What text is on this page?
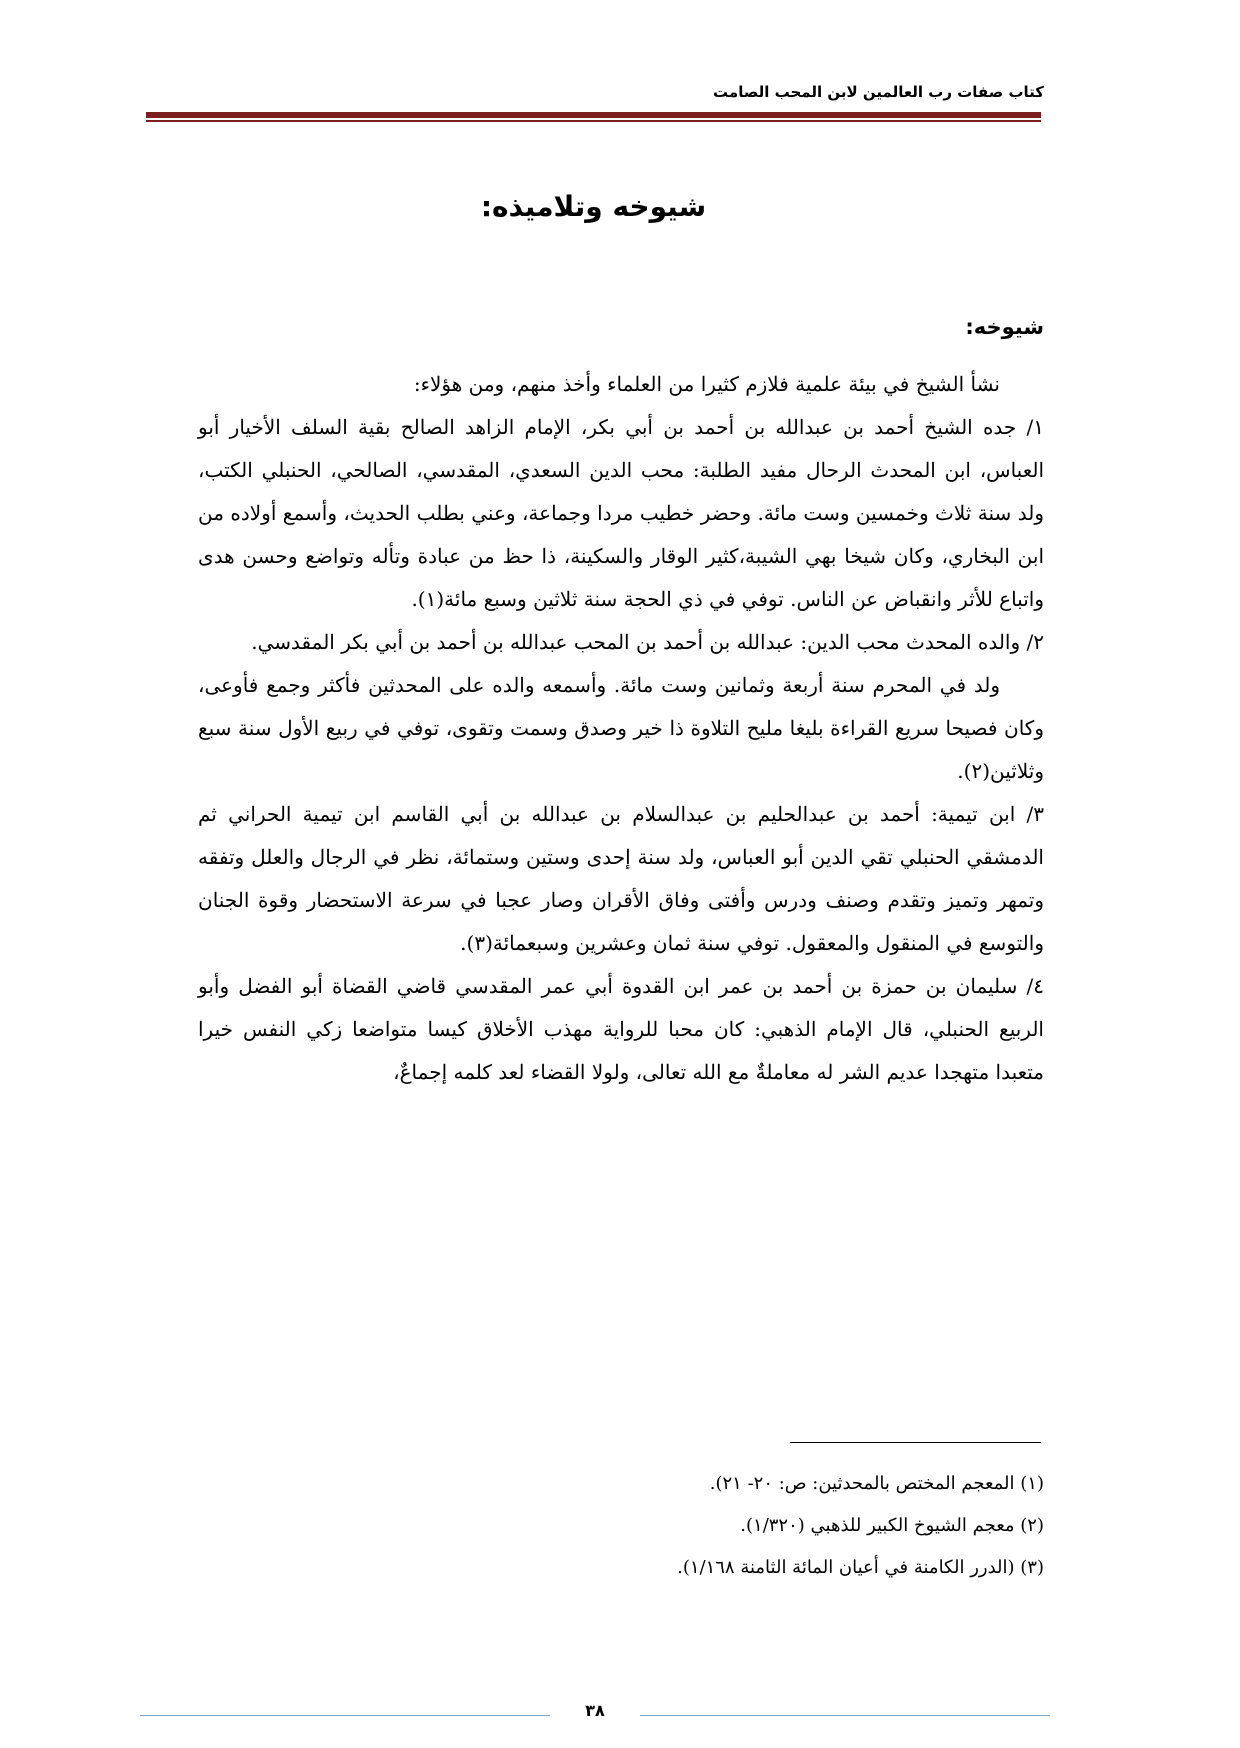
كتاب صفات رب العالمين لابن المحب الصامت
شيوخه وتلاميذه:
شيوخه:

نشأ الشيخ في بيئة علمية فلازم كثيرا من العلماء وأخذ منهم، ومن هؤلاء:

١/ جده الشيخ أحمد بن عبدالله بن أحمد بن أبي بكر، الإمام الزاهد الصالح بقية السلف الأخيار أبو العباس، ابن المحدث الرحال مفيد الطلبة: محب الدين السعدي، المقدسي، الصالحي، الحنبلي الكتب، ولد سنة ثلاث وخمسين وست مائة. وحضر خطيب مردا وجماعة، وعني بطلب الحديث، وأسمع أولاده من ابن البخاري، وكان شيخا بهي الشيبة،كثير الوقار والسكينة، ذا حظ من عبادة وتأله وتواضع وحسن هدى واتباع للأثر وانقباض عن الناس. توفي في ذي الحجة سنة ثلاثين وسبع مائة(١).

٢/ والده المحدث محب الدين: عبدالله بن أحمد بن المحب عبدالله بن أحمد بن أبي بكر المقدسي.

ولد في المحرم سنة أربعة وثمانين وست مائة. وأسمعه والده على المحدثين فأكثر وجمع فأوعى، وكان فصيحا سريع القراءة بليغا مليح التلاوة ذا خير وصدق وسمت وتقوى، توفي في ربيع الأول سنة سبع وثلاثين(٢).

٣/ ابن تيمية: أحمد بن عبدالحليم بن عبدالسلام بن عبدالله بن أبي القاسم ابن تيمية الحراني ثم الدمشقي الحنبلي تقي الدين أبو العباس، ولد سنة إحدى وستين وستمائة، نظر في الرجال والعلل وتفقه وتمهر وتميز وتقدم وصنف ودرس وأفتى وفاق الأقران وصار عجبا في سرعة الاستحضار وقوة الجنان والتوسع في المنقول والمعقول. توفي سنة ثمان وعشرين وسبعمائة(٣).

٤/ سليمان بن حمزة بن أحمد بن عمر ابن القدوة أبي عمر المقدسي قاضي القضاة أبو الفضل وأبو الربيع الحنبلي، قال الإمام الذهبي: كان محبا للرواية مهذب الأخلاق كيسا متواضعا زكي النفس خيرا متعبدا متهجدا عديم الشر له معاملةٌ مع الله تعالى، ولولا القضاء لعد كلمه إجماعٌ،

(١) المعجم المختص بالمحدثين: ص: ٢٠- ٢١).
(٢) معجم الشيوخ الكبير للذهبي (١/٣٢٠).
(٣) (الدرر الكامنة في أعيان المائة الثامنة ١/١٦٨).
٣٨
